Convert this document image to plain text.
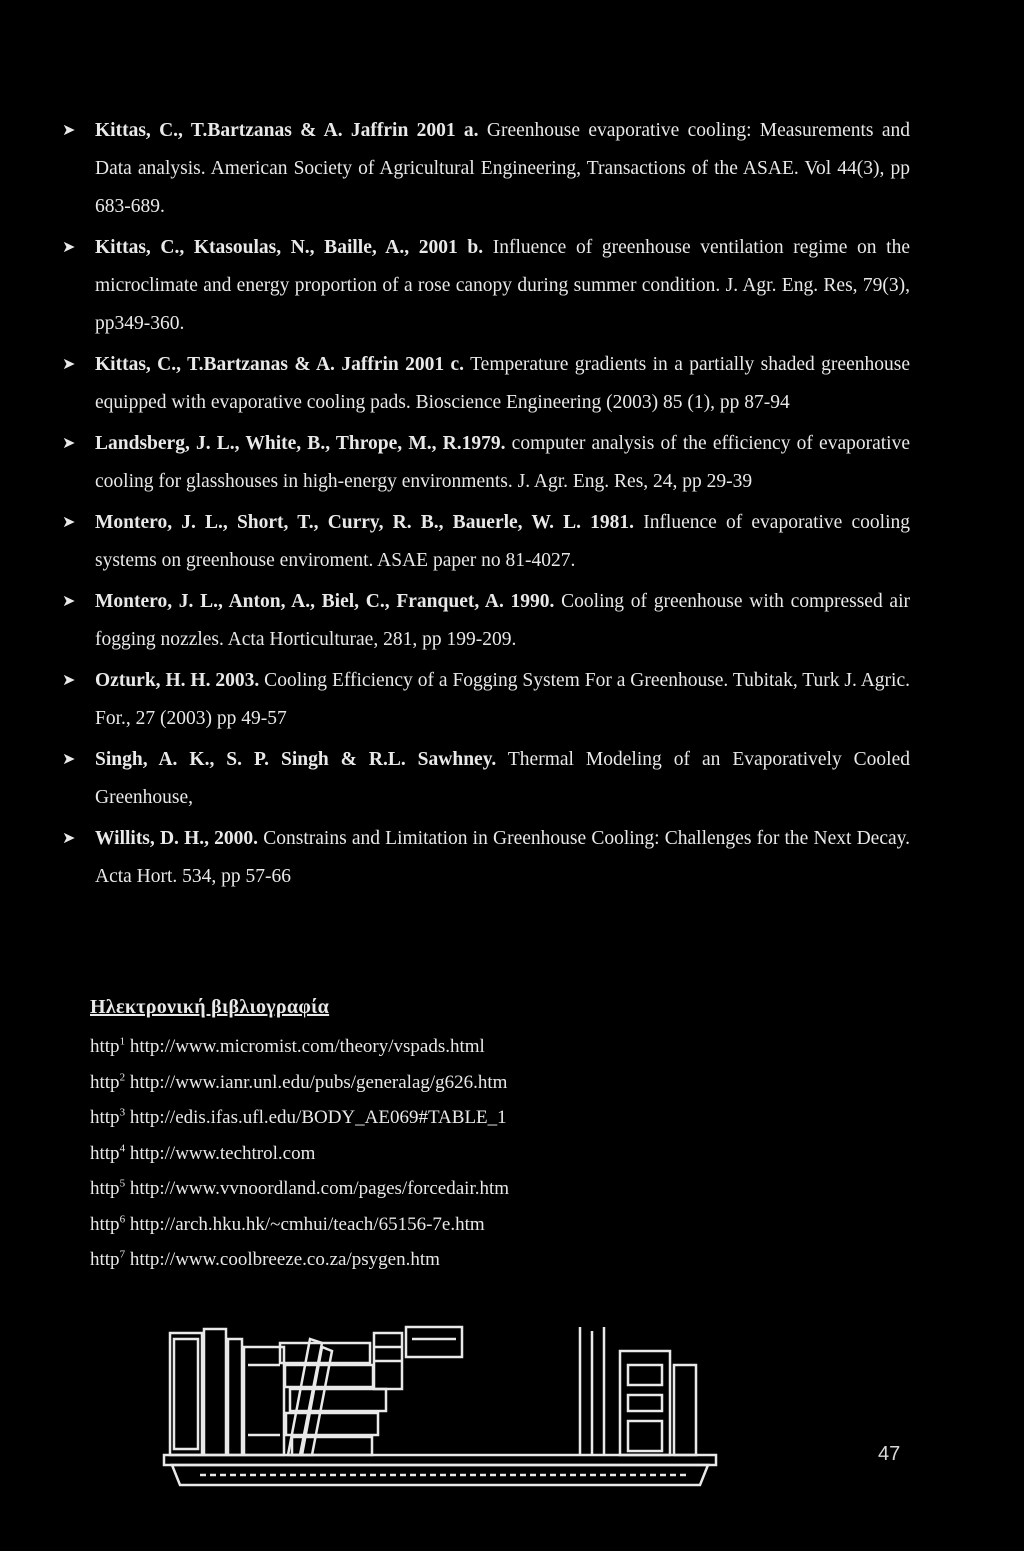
➤	Kittas, C., T.Bartzanas & A. Jaffrin 2001 a. Greenhouse evaporative cooling: Measurements and Data analysis. American Society of Agricultural Engineering, Transactions of the ASAE. Vol 44(3), pp 683-689.
➤	Kittas, C., Ktasoulas, N., Baille, A., 2001 b. Influence of greenhouse ventilation regime on the microclimate and energy proportion of a rose canopy during summer condition. J. Agr. Eng. Res, 79(3), pp349-360.
➤	Kittas, C., T.Bartzanas & A. Jaffrin 2001 c. Temperature gradients in a partially shaded greenhouse equipped with evaporative cooling pads. Bioscience Engineering (2003) 85 (1), pp 87-94
➤	Landsberg, J. L., White, B., Thrope, M., R.1979. computer analysis of the efficiency of evaporative cooling for glasshouses in high-energy environments. J. Agr. Eng. Res, 24, pp 29-39
➤	Montero, J. L., Short, T., Curry, R. B., Bauerle, W. L. 1981. Influence of evaporative cooling systems on greenhouse enviroment. ASAE paper no 81-4027.
➤	Montero, J. L., Anton, A., Biel, C., Franquet, A. 1990. Cooling of greenhouse with compressed air fogging nozzles. Acta Horticulturae, 281, pp 199-209.
➤	Ozturk, H. H. 2003. Cooling Efficiency of a Fogging System For a Greenhouse. Tubitak, Turk J. Agric. For., 27 (2003) pp 49-57
➤	Singh, A. K., S. P. Singh & R.L. Sawhney. Thermal Modeling of an Evaporatively Cooled Greenhouse,
➤	Willits, D. H., 2000. Constrains and Limitation in Greenhouse Cooling: Challenges for the Next Decay. Acta Hort. 534, pp 57-66
Ηλεκτρονική βιβλιογραφία
http$^1$ http://www.micromist.com/theory/vspads.html
http$^2$ http://www.ianr.unl.edu/pubs/generalag/g626.htm
http$^3$ http://edis.ifas.ufl.edu/BODY_AE069#TABLE_1
http$^4$ http://www.techtrol.com
http$^5$ http://www.vvnoordland.com/pages/forcedair.htm
http$^6$ http://arch.hku.hk/~cmhui/teach/65156-7e.htm
http$^7$ http://www.coolbreeze.co.za/psygen.htm
47
